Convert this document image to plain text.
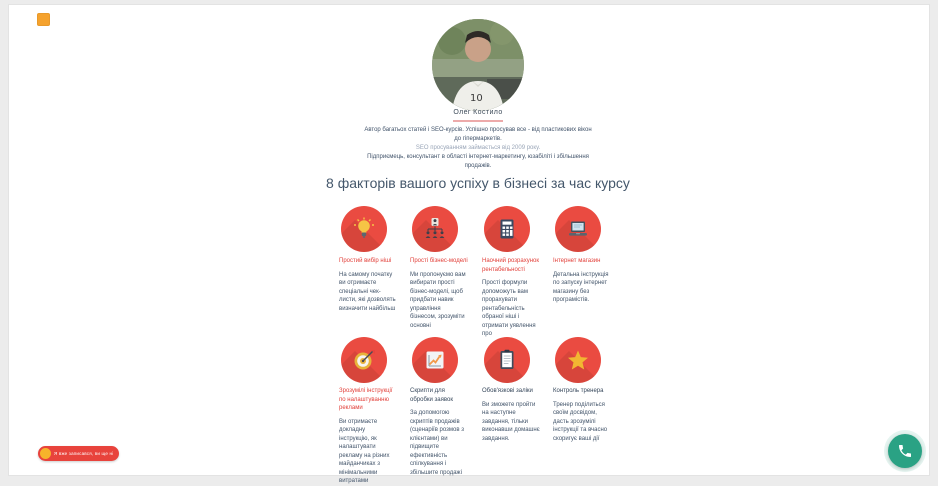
10
Олег Костило
Автор багатьох статей і SEO-курсів. Успішно просував все - від пластикових вікон до гіпермаркетів.
SEO просуванням займається від 2009 року.
Підприємець, консультант в області інтернет-маркетингу, юзабіліті і збільшення продажів.
8 факторів вашого успіху в бізнесі за час курсу

Простий вибір ніші

На самому початку ви отримаєте спеціальні чек-листи, які дозволять визначити найбільш

Прості бізнес-моделі

Ми пропонуємо вам вибирати прості бізнес-моделі, щоб придбати навик управління бізнесом, зрозуміти основні

Наочний розрахунок рентабельності

Прості формули допоможуть вам прорахувати рентабельність обраної ніші і отримати уявлення про

Інтернет магазин

Детальна інструкція по запуску інтернет магазину без програмістів.

Зрозумілі інструкції по налаштуванню реклами

Ви отримаєте докладну інструкцію, як налаштувати рекламу на різних майданчиках з мінімальними витратами

Скрипти для обробки заявок

За допомогою скриптів продажів (сценаріїв розмов з клієнтами) ви підвищите ефективність спілкування і збільшите продажі

Обов'язкові заліки

Ви зможете пройти на наступне завдання, тільки виконавши домашнє завдання.

Контроль тренера

Тренер поділиться своїм досвідом, дасть зрозумілі інструкції та вчасно скоригує ваші дії

Я вже записався, ви ще ні
